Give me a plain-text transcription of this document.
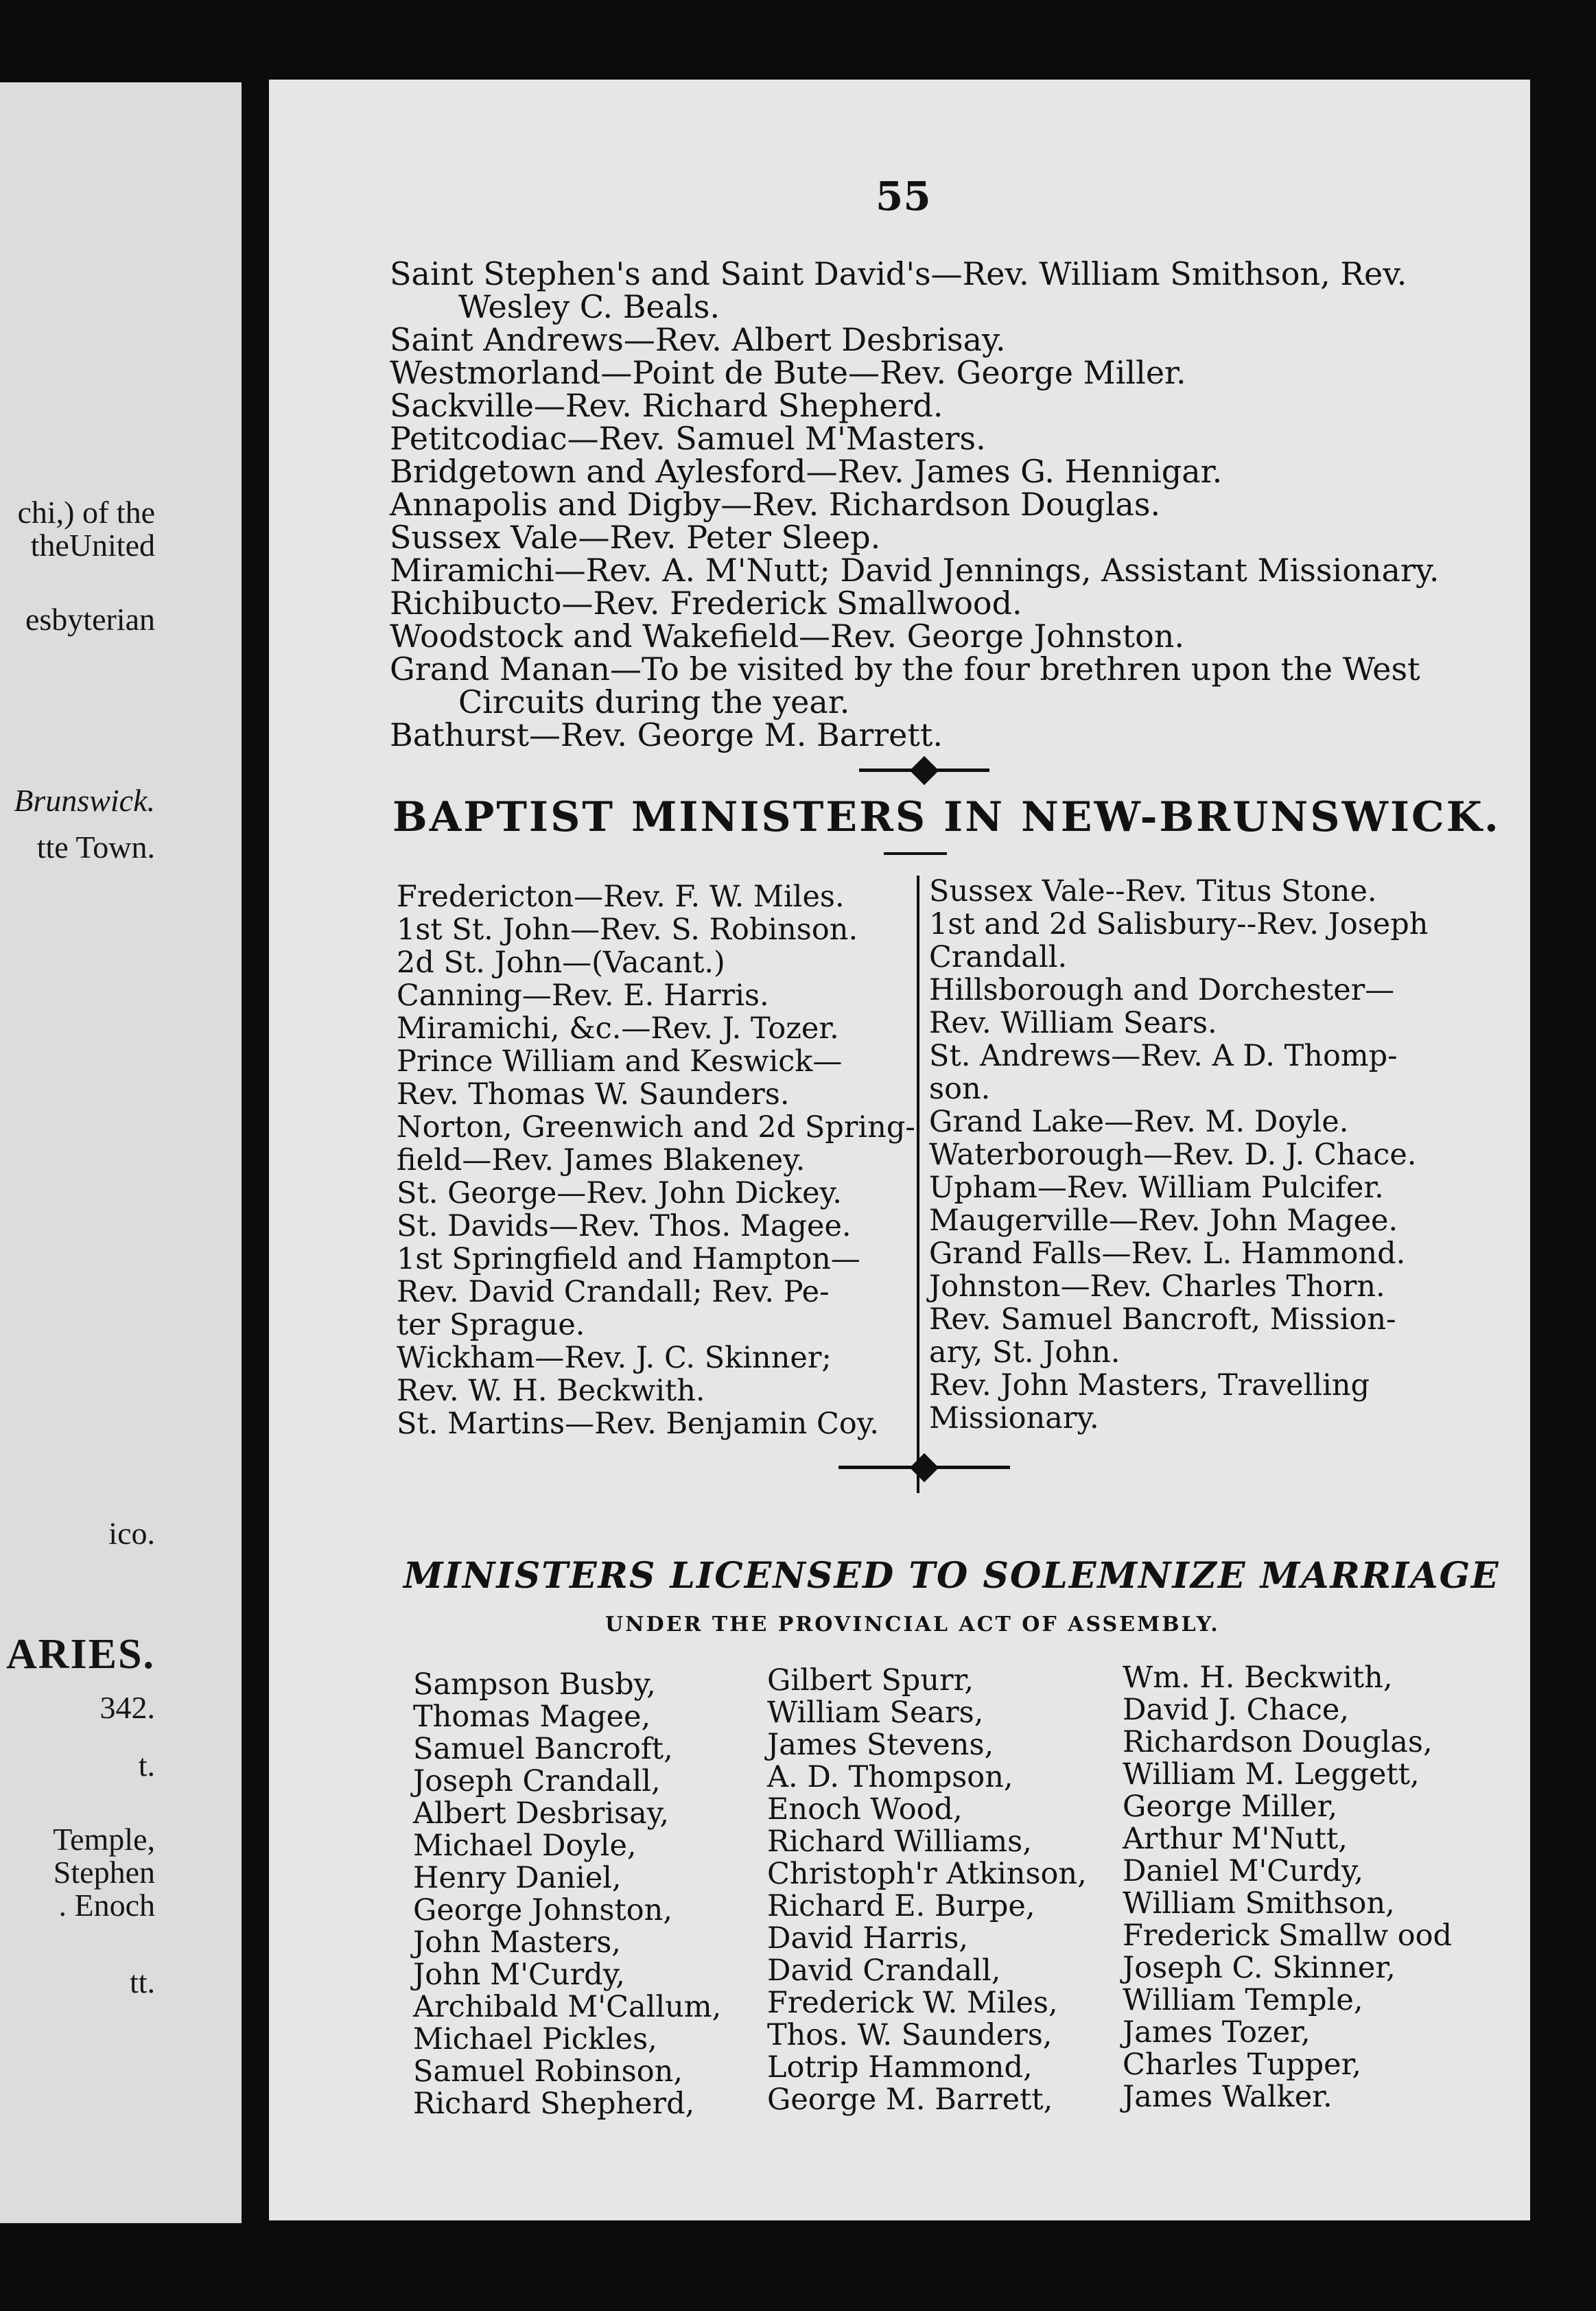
chi,) of the
theUnited
esbyterian
Brunswick.
tte Town.
ico.
ARIES.
342.
t.
Temple,
Stephen
. Enoch
tt.
55
Saint Stephen's and Saint David's—Rev. William Smithson, Rev.
Wesley C. Beals.
Saint Andrews—Rev. Albert Desbrisay.
Westmorland—Point de Bute—Rev. George Miller.
Sackville—Rev. Richard Shepherd.
Petitcodiac—Rev. Samuel M'Masters.
Bridgetown and Aylesford—Rev. James G. Hennigar.
Annapolis and Digby—Rev. Richardson Douglas.
Sussex Vale—Rev. Peter Sleep.
Miramichi—Rev. A. M'Nutt; David Jennings, Assistant Missionary.
Richibucto—Rev. Frederick Smallwood.
Woodstock and Wakefield—Rev. George Johnston.
Grand Manan—To be visited by the four brethren upon the West
Circuits during the year.
Bathurst—Rev. George M. Barrett.
BAPTIST MINISTERS IN NEW-BRUNSWICK.
Fredericton—Rev. F. W. Miles.
1st St. John—Rev. S. Robinson.
2d St. John—(Vacant.)
Canning—Rev. E. Harris.
Miramichi, &c.—Rev. J. Tozer.
Prince William and Keswick—
Rev. Thomas W. Saunders.
Norton, Greenwich and 2d Spring-
field—Rev. James Blakeney.
St. George—Rev. John Dickey.
St. Davids—Rev. Thos. Magee.
1st Springfield and Hampton—
Rev. David Crandall; Rev. Pe-
ter Sprague.
Wickham—Rev. J. C. Skinner;
Rev. W. H. Beckwith.
St. Martins—Rev. Benjamin Coy.
Sussex Vale--Rev. Titus Stone.
1st and 2d Salisbury--Rev. Joseph
Crandall.
Hillsborough and Dorchester—
Rev. William Sears.
St. Andrews—Rev. A D. Thomp-
son.
Grand Lake—Rev. M. Doyle.
Waterborough—Rev. D. J. Chace.
Upham—Rev. William Pulcifer.
Maugerville—Rev. John Magee.
Grand Falls—Rev. L. Hammond.
Johnston—Rev. Charles Thorn.
Rev. Samuel Bancroft, Mission-
ary, St. John.
Rev. John Masters, Travelling
Missionary.
MINISTERS LICENSED TO SOLEMNIZE MARRIAGE
UNDER THE PROVINCIAL ACT OF ASSEMBLY.
Sampson Busby,
Thomas Magee,
Samuel Bancroft,
Joseph Crandall,
Albert Desbrisay,
Michael Doyle,
Henry Daniel,
George Johnston,
John Masters,
John M'Curdy,
Archibald M'Callum,
Michael Pickles,
Samuel Robinson,
Richard Shepherd,
Gilbert Spurr,
William Sears,
James Stevens,
A. D. Thompson,
Enoch Wood,
Richard Williams,
Christoph'r Atkinson,
Richard E. Burpe,
David Harris,
David Crandall,
Frederick W. Miles,
Thos. W. Saunders,
Lotrip Hammond,
George M. Barrett,
Wm. H. Beckwith,
David J. Chace,
Richardson Douglas,
William M. Leggett,
George Miller,
Arthur M'Nutt,
Daniel M'Curdy,
William Smithson,
Frederick Smallw ood
Joseph C. Skinner,
William Temple,
James Tozer,
Charles Tupper,
James Walker.
